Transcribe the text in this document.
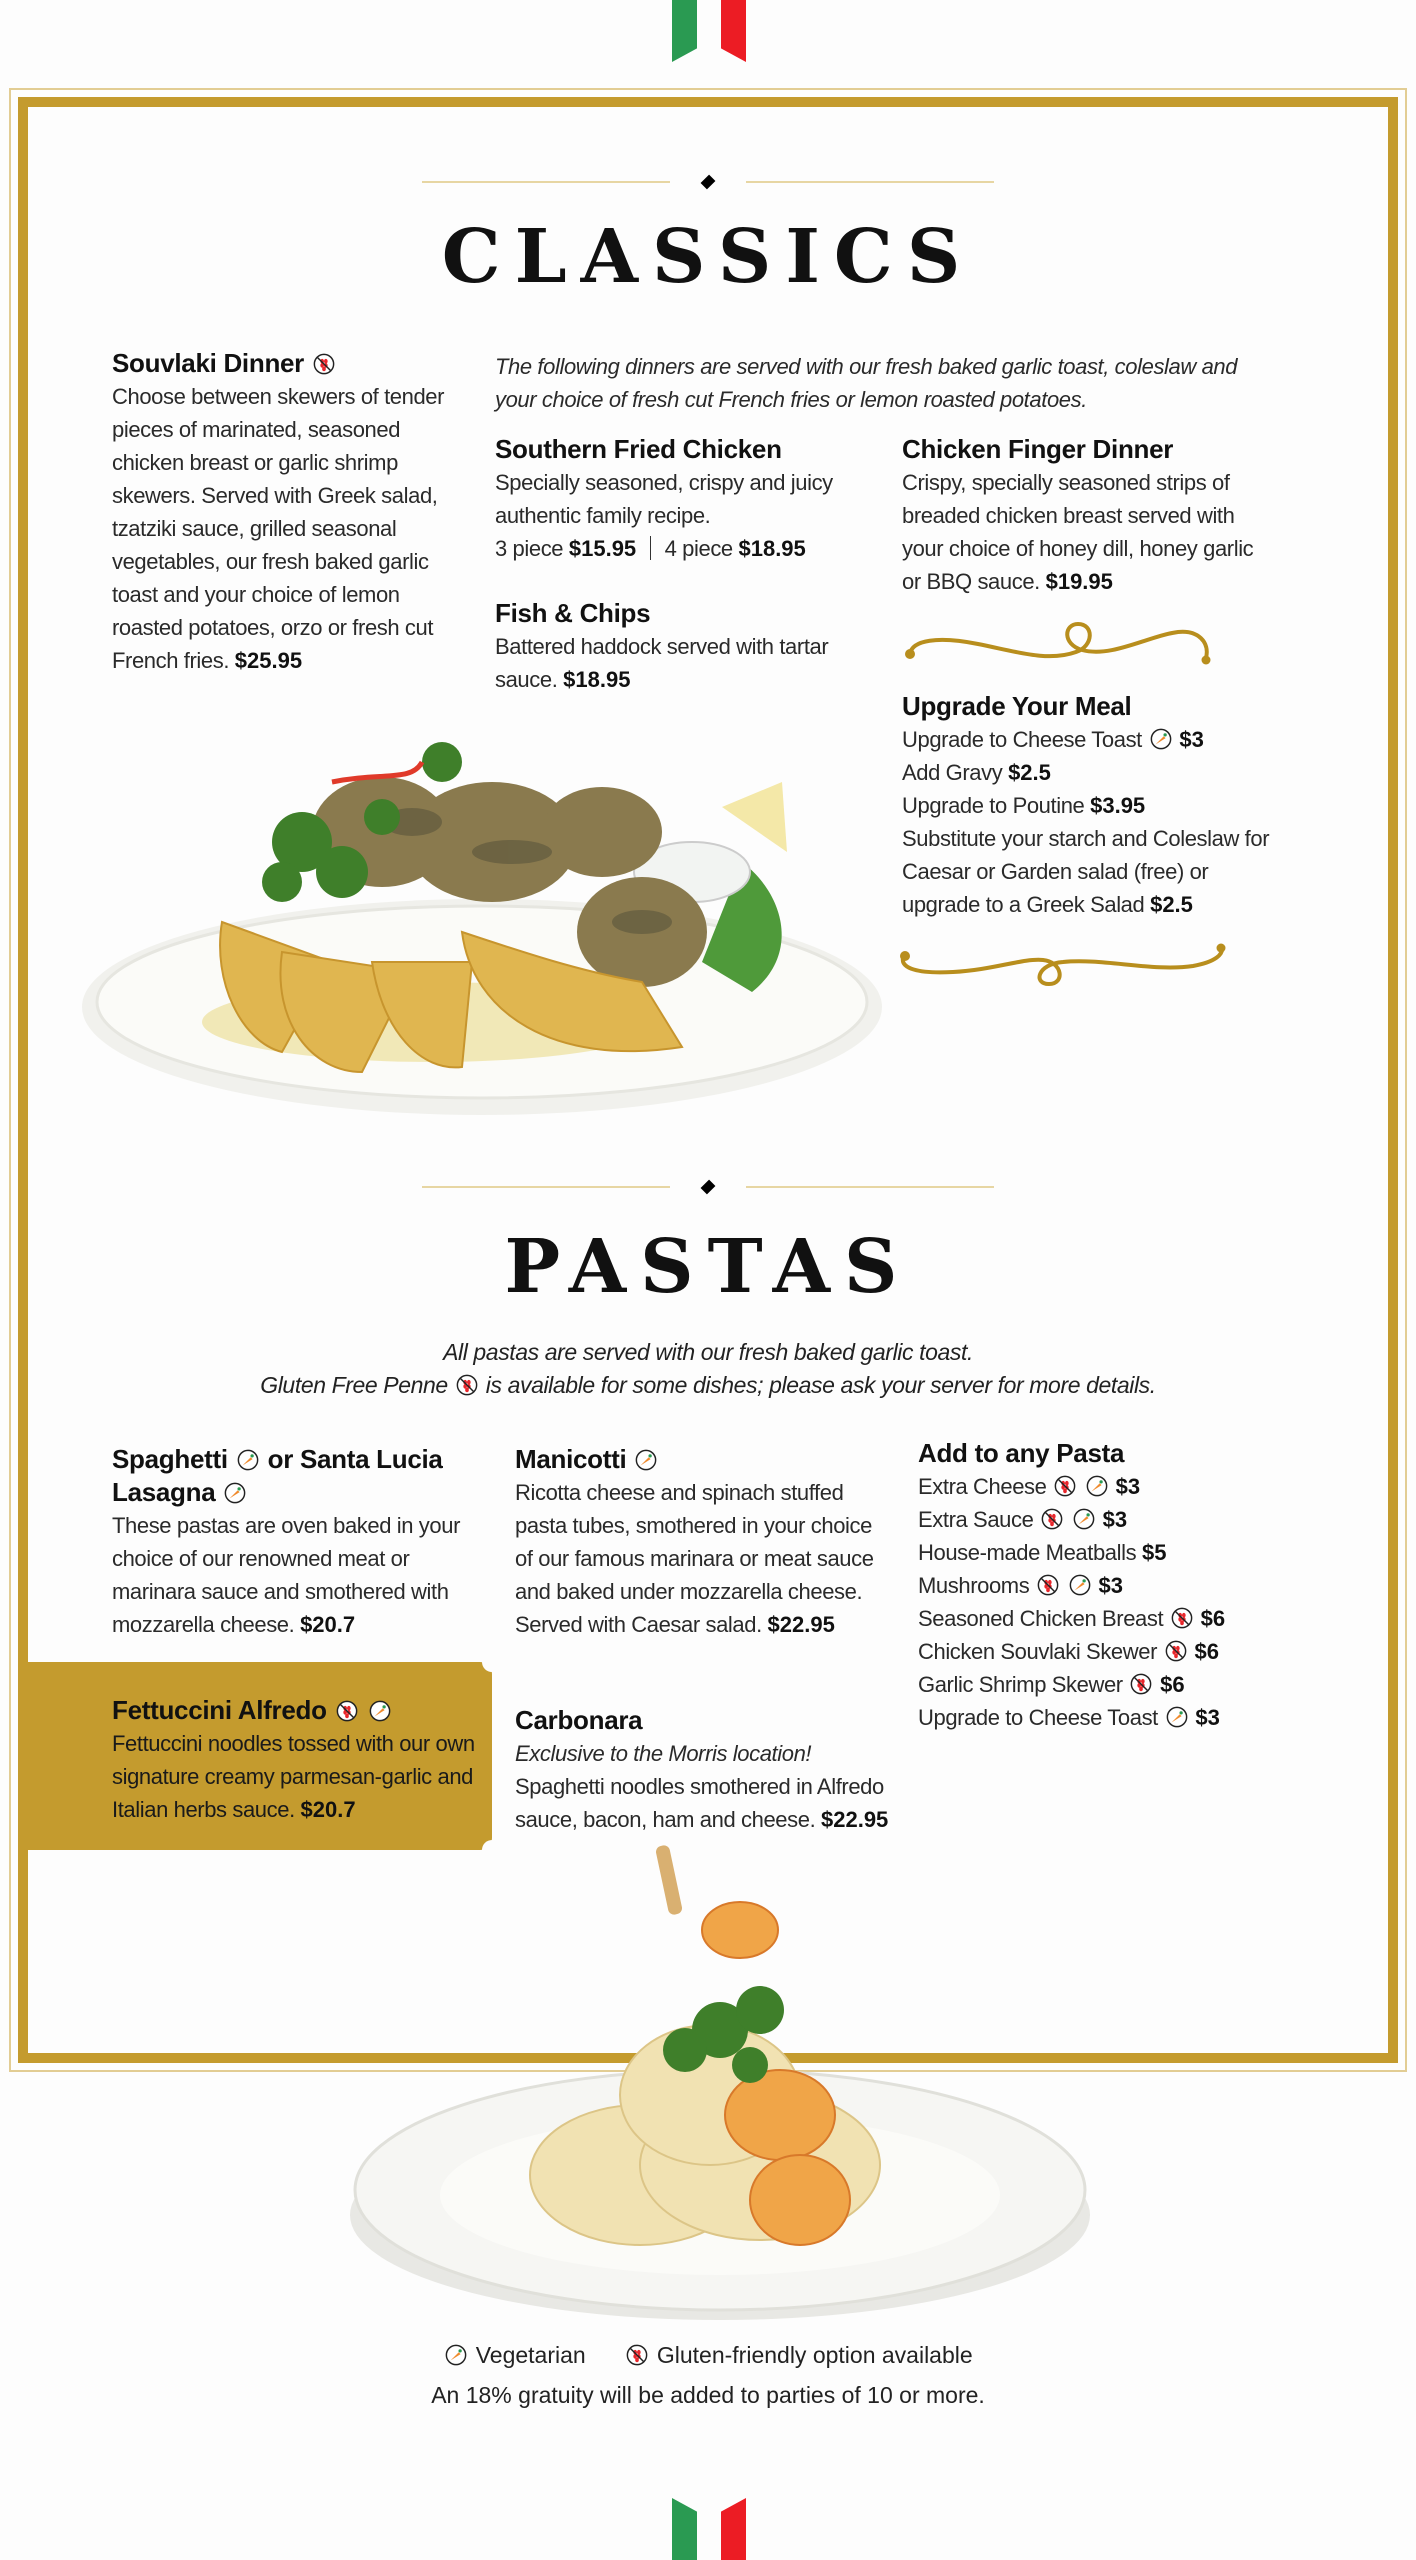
CLASSICS
Souvlaki Dinner
Choose between skewers of tender pieces of marinated, seasoned chicken breast or garlic shrimp skewers. Served with Greek salad, tzatziki sauce, grilled seasonal vegetables, our fresh baked garlic toast and your choice of lemon roasted potatoes, orzo or fresh cut French fries. $25.95
The following dinners are served with our fresh baked garlic toast, coleslaw and your choice of fresh cut French fries or lemon roasted potatoes.
Southern Fried Chicken
Specially seasoned, crispy and juicy authentic family recipe.
3 piece $15.95 4 piece $18.95
Fish & Chips
Battered haddock served with tartar sauce. $18.95
Chicken Finger Dinner
Crispy, specially seasoned strips of breaded chicken breast served with your choice of honey dill, honey garlic or BBQ sauce. $19.95
Upgrade Your Meal
Upgrade to Cheese Toast $3
Add Gravy $2.5
Upgrade to Poutine $3.95
Substitute your starch and Coleslaw for Caesar or Garden salad (free) or upgrade to a Greek Salad $2.5
PASTAS
All pastas are served with our fresh baked garlic toast.
Gluten Free Penne is available for some dishes; please ask your server for more details.
Spaghetti or Santa Lucia
Lasagna
These pastas are oven baked in your choice of our renowned meat or marinara sauce and smothered with mozzarella cheese. $20.7
Fettuccini Alfredo
Fettuccini noodles tossed with our own signature creamy parmesan-garlic and Italian herbs sauce. $20.7
Manicotti
Ricotta cheese and spinach stuffed pasta tubes, smothered in your choice of our famous marinara or meat sauce and baked under mozzarella cheese. Served with Caesar salad. $22.95
Carbonara
Exclusive to the Morris location!
Spaghetti noodles smothered in Alfredo sauce, bacon, ham and cheese. $22.95
Add to any Pasta
Extra Cheese	$3
Extra Sauce	$3
House-made Meatballs $5
Mushrooms	$3
Seasoned Chicken Breast $6
Chicken Souvlaki Skewer $6
Garlic Shrimp Skewer $6
Upgrade to Cheese Toast $3
Vegetarian	Gluten-friendly option available
An 18% gratuity will be added to parties of 10 or more.
